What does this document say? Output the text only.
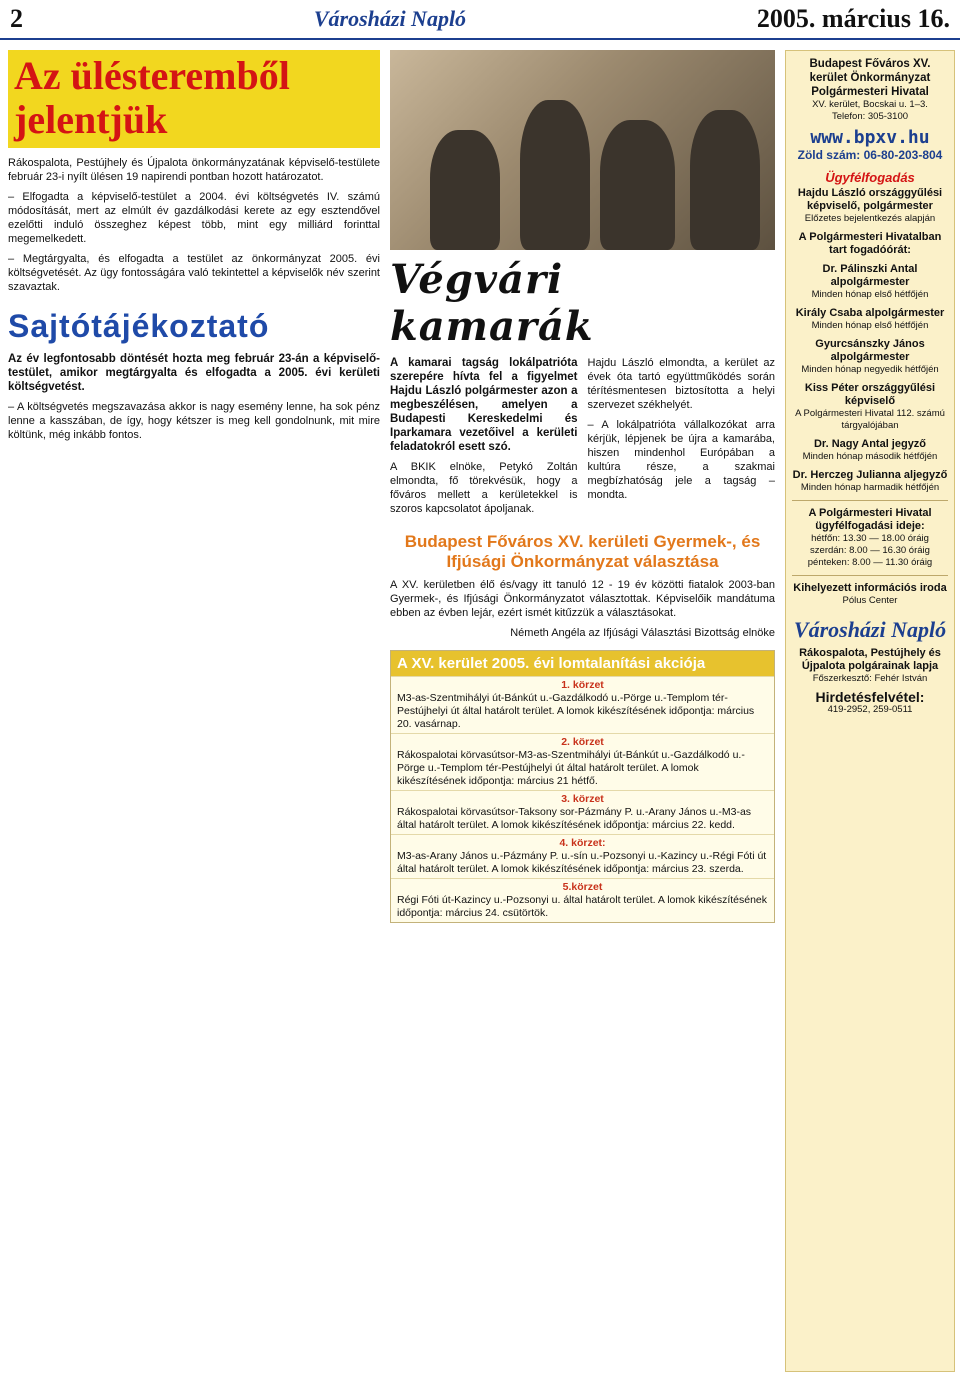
2	Városházi Napló	2005. március 16.
Az ülésteremből jelentjük

Rákospalota, Pestújhely és Újpalota önkormányzatának képviselő-testülete február 23-i nyílt ülésen 19 napirendi pontban hozott határozatot.

– Elfogadta a képviselő-testület a 2004. évi költségvetés IV. számú módosítását, mert az elmúlt év gazdálkodási kerete az egy esztendővel ezelőtti induló összeghez képest több, mint egy milliárd forinttal megemelkedett.

– Megtárgyalta, és elfogadta a testület az önkormányzat 2005. évi költségvetését. Az ügy fontosságára való tekintettel a képviselők név szerint szavaztak.

Sajtótájékoztató

Az év legfontosabb döntését hozta meg február 23-án a képviselő-testület, amikor megtárgyalta és elfogadta a 2005. évi kerületi költségvetést.

– A költségvetés megszavazása akkor is nagy esemény lenne, ha sok pénz lenne a kasszában, de így, hogy kétszer is meg kell gondolnunk, mit mire költünk, még inkább fontos.

Végvári kamarák

A kamarai tagság lokálpatrióta szerepére hívta fel a figyelmet Hajdu László polgármester azon a megbeszélésen, amelyen a Budapesti Kereskedelmi és Iparkamara vezetőivel a kerületi feladatokról esett szó.

A BKIK elnöke, Petykó Zoltán elmondta, fő törekvésük, hogy a főváros mellett a kerületekkel is szoros kapcsolatot ápoljanak.

Hajdu László elmondta, a kerület az évek óta tartó együttműködés során térítésmentesen biztosította a helyi szervezet székhelyét.

– A lokálpatrióta vállalkozókat arra kérjük, lépjenek be újra a kamarába, hiszen mindenhol Európában a kultúra része, a szakmai megbízhatóság jele a tagság – mondta.

Budapest Főváros XV. kerületi Gyermek-, és Ifjúsági Önkormányzat választása

A XV. kerületben élő és/vagy itt tanuló 12 - 19 év közötti fiatalok 2003-ban Gyermek-, és Ifjúsági Önkormányzatot választottak. Képviselőik mandátuma ebben az évben lejár, ezért ismét kitűzzük a választásokat.

Németh Angéla az Ifjúsági Választási Bizottság elnöke

A XV. kerület 2005. évi lomtalanítási akciója
1. körzet
M3-as-Szentmihályi út-Bánkút u.-Gazdálkodó u.-Pörge u.-Templom tér-Pestújhelyi út által határolt terület. A lomok kikészítésének időpontja: március 20. vasárnap.
2. körzet
Rákospalotai körvasútsor-M3-as-Szentmihályi út-Bánkút u.-Gazdálkodó u.-Pörge u.-Templom tér-Pestújhelyi út által határolt terület. A lomok kikészítésének időpontja: március 21 hétfő.
3. körzet
Rákospalotai körvasútsor-Taksony sor-Pázmány P. u.-Arany János u.-M3-as által határolt terület. A lomok kikészítésének időpontja: március 22. kedd.
4. körzet:
M3-as-Arany János u.-Pázmány P. u.-sín u.-Pozsonyi u.-Kazincy u.-Régi Fóti út által határolt terület. A lomok kikészítésének időpontja: március 23. szerda.
5.körzet
Régi Fóti út-Kazincy u.-Pozsonyi u. által határolt terület. A lomok kikészítésének időpontja: március 24. csütörtök.
Budapest Főváros XV. kerület Önkormányzat Polgármesteri Hivatal
XV. kerület, Bocskai u. 1–3.
Telefon: 305-3100
www.bpxv.hu
Zöld szám: 06-80-203-804
Ügyfélfogadás
Hajdu László országgyűlési képviselő, polgármester
Előzetes bejelentkezés alapján
A Polgármesteri Hivatalban tart fogadóórát:
Dr. Pálinszki Antal alpolgármester
Minden hónap első hétfőjén
Király Csaba alpolgármester
Minden hónap első hétfőjén
Gyurcsánszky János alpolgármester
Minden hónap negyedik hétfőjén
Kiss Péter országgyűlési képviselő
A Polgármesteri Hivatal 112. számú tárgyalójában
Dr. Nagy Antal jegyző
Minden hónap második hétfőjén
Dr. Herczeg Julianna aljegyző
Minden hónap harmadik hétfőjén
A Polgármesteri Hivatal ügyfélfogadási ideje:
hétfőn: 13.30 — 18.00 óráig
szerdán: 8.00 — 16.30 óráig
pénteken: 8.00 — 11.30 óráig
Kihelyezett információs iroda
Pólus Center
Városházi Napló
Rákospalota, Pestújhely és Újpalota polgárainak lapja
Főszerkesztő: Fehér István
Hirdetésfelvétel:
419-2952, 259-0511
